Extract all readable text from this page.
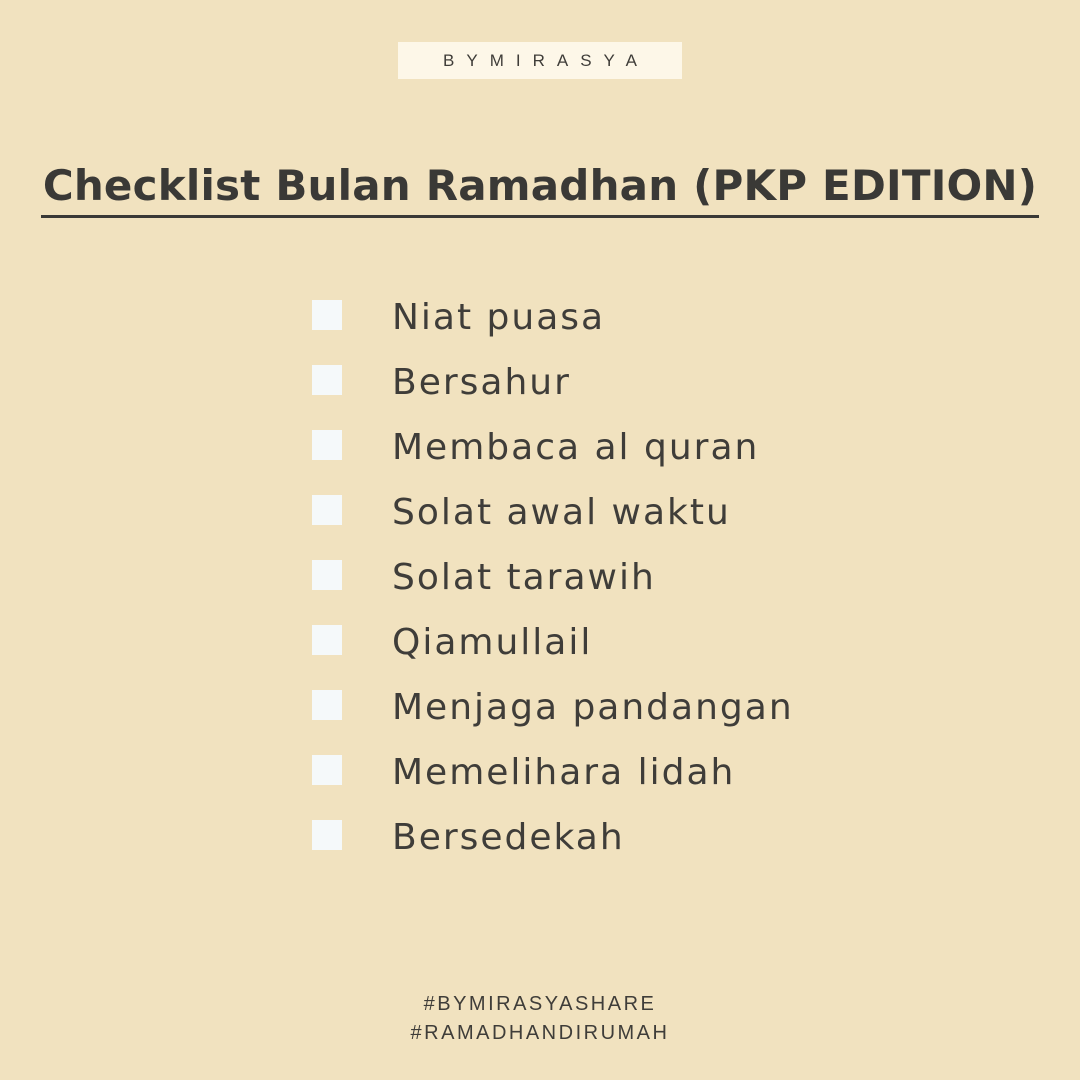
BYMIRASYA
Checklist Bulan Ramadhan (PKP EDITION)
Niat puasa
Bersahur
Membaca al quran
Solat awal waktu
Solat tarawih
Qiamullail
Menjaga pandangan
Memelihara lidah
Bersedekah
#BYMIRASYASHARE
#RAMADHANDIRUMAH
